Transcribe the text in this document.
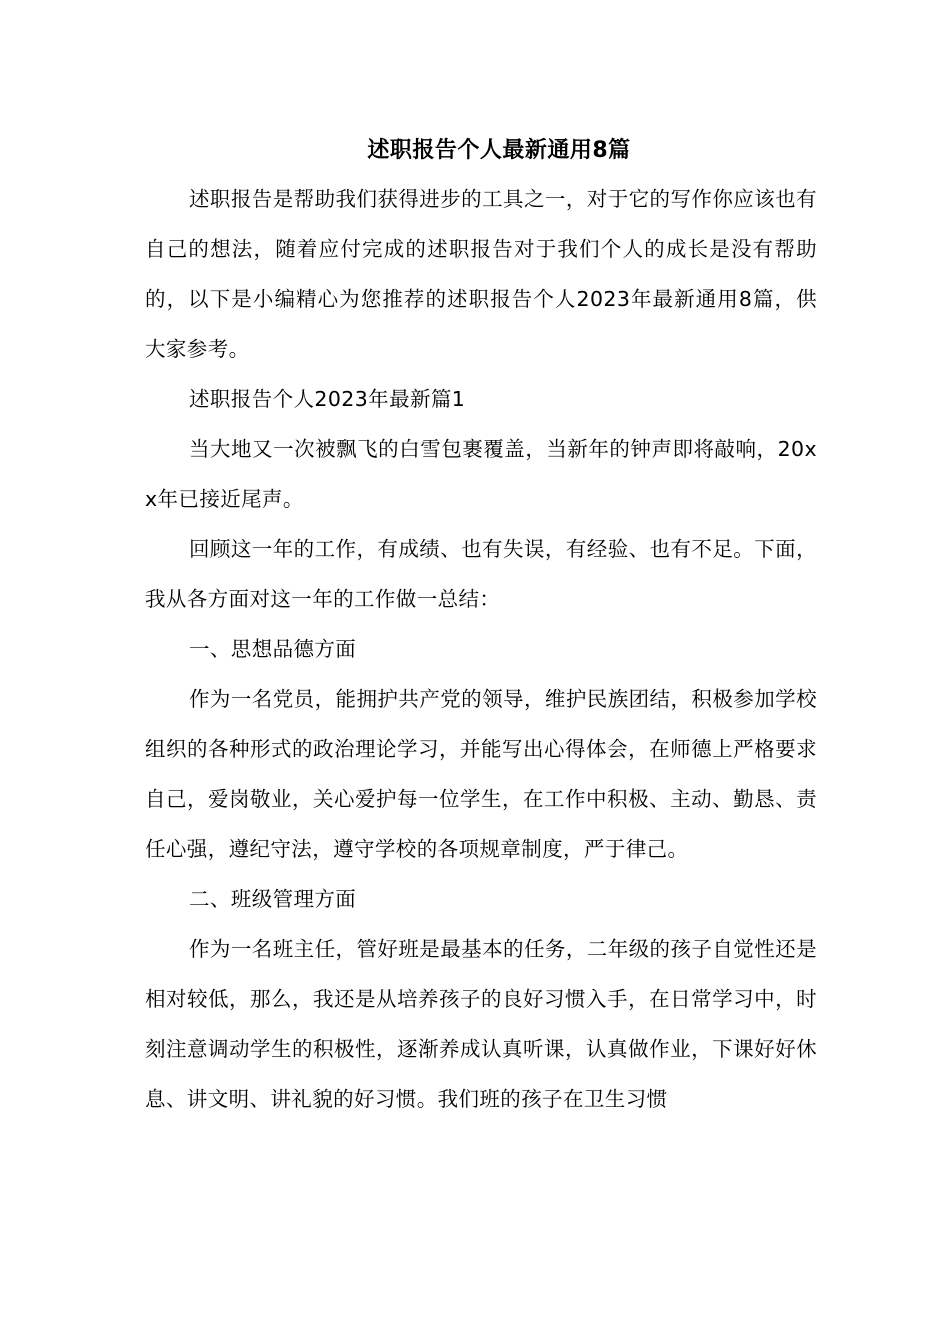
述职报告个人最新通用8篇

述职报告是帮助我们获得进步的工具之一，对于它的写作你应该也有自己的想法，随着应付完成的述职报告对于我们个人的成长是没有帮助的，以下是小编精心为您推荐的述职报告个人2023年最新通用8篇，供大家参考。

述职报告个人2023年最新篇1

当大地又一次被飘飞的白雪包裹覆盖，当新年的钟声即将敲响，20xx年已接近尾声。

回顾这一年的工作，有成绩、也有失误，有经验、也有不足。下面，我从各方面对这一年的工作做一总结：

一、思想品德方面

作为一名党员，能拥护共产党的领导，维护民族团结，积极参加学校组织的各种形式的政治理论学习，并能写出心得体会，在师德上严格要求自己，爱岗敬业，关心爱护每一位学生，在工作中积极、主动、勤恳、责任心强，遵纪守法，遵守学校的各项规章制度，严于律己。

二、班级管理方面

作为一名班主任，管好班是最基本的任务，二年级的孩子自觉性还是相对较低，那么，我还是从培养孩子的良好习惯入手，在日常学习中，时刻注意调动学生的积极性，逐渐养成认真听课，认真做作业，下课好好休息、讲文明、讲礼貌的好习惯。我们班的孩子在卫生习惯
